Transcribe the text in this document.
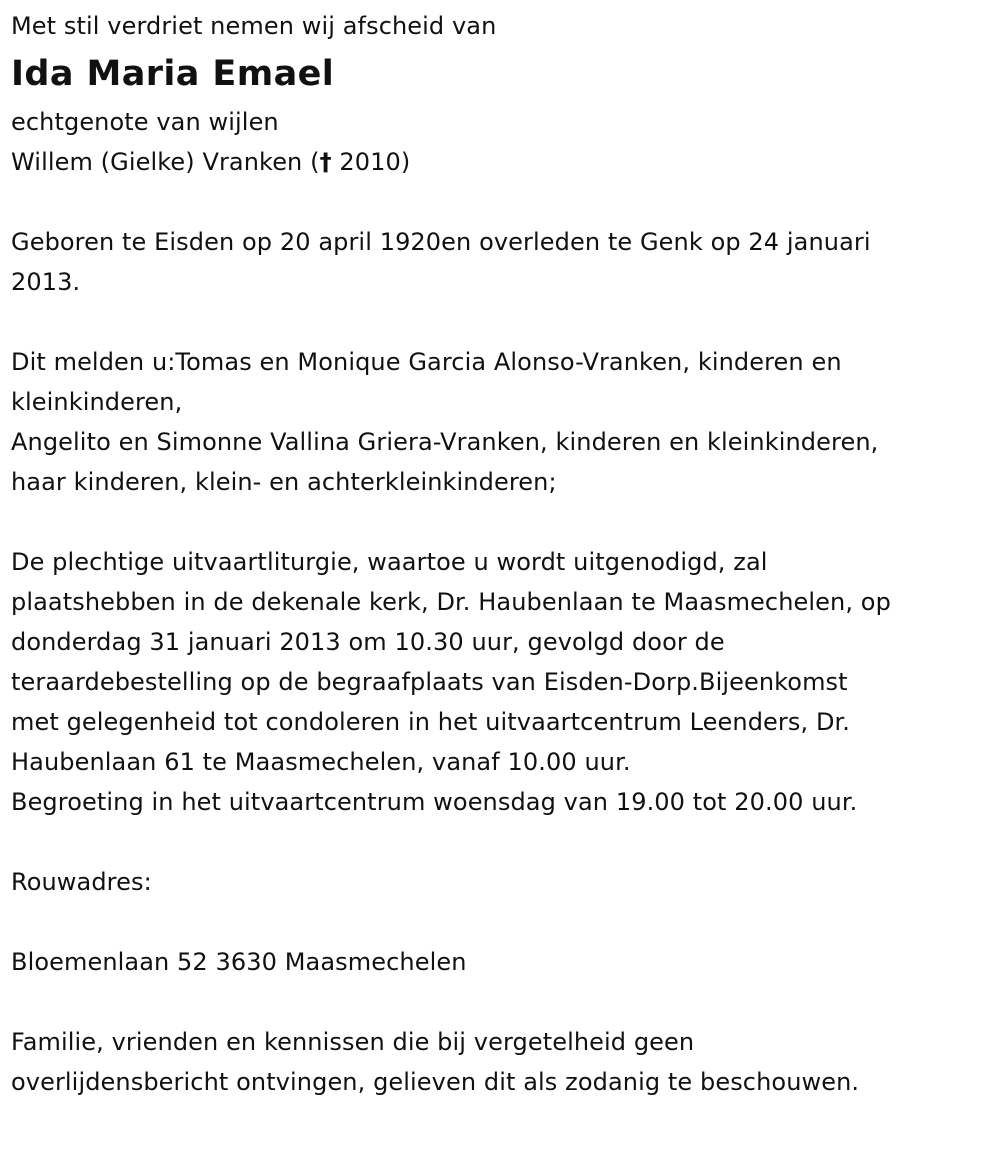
Met stil verdriet nemen wij afscheid van
Ida Maria Emael
echtgenote van wijlen
Willem (Gielke) Vranken († 2010)
Geboren te Eisden op 20 april 1920en overleden te Genk op 24 januari
2013.
Dit melden u:Tomas en Monique Garcia Alonso-Vranken, kinderen en
kleinkinderen,
Angelito en Simonne Vallina Griera-Vranken, kinderen en kleinkinderen,
haar kinderen, klein- en achterkleinkinderen;
De plechtige uitvaartliturgie, waartoe u wordt uitgenodigd, zal
plaatshebben in de dekenale kerk, Dr. Haubenlaan te Maasmechelen, op
donderdag 31 januari 2013 om 10.30 uur, gevolgd door de
teraardebestelling op de begraafplaats van Eisden-Dorp.Bijeenkomst
met gelegenheid tot condoleren in het uitvaartcentrum Leenders, Dr.
Haubenlaan 61 te Maasmechelen, vanaf 10.00 uur.
Begroeting in het uitvaartcentrum woensdag van 19.00 tot 20.00 uur.
Rouwadres:
Bloemenlaan 52 3630 Maasmechelen
Familie, vrienden en kennissen die bij vergetelheid geen
overlijdensbericht ontvingen, gelieven dit als zodanig te beschouwen.
